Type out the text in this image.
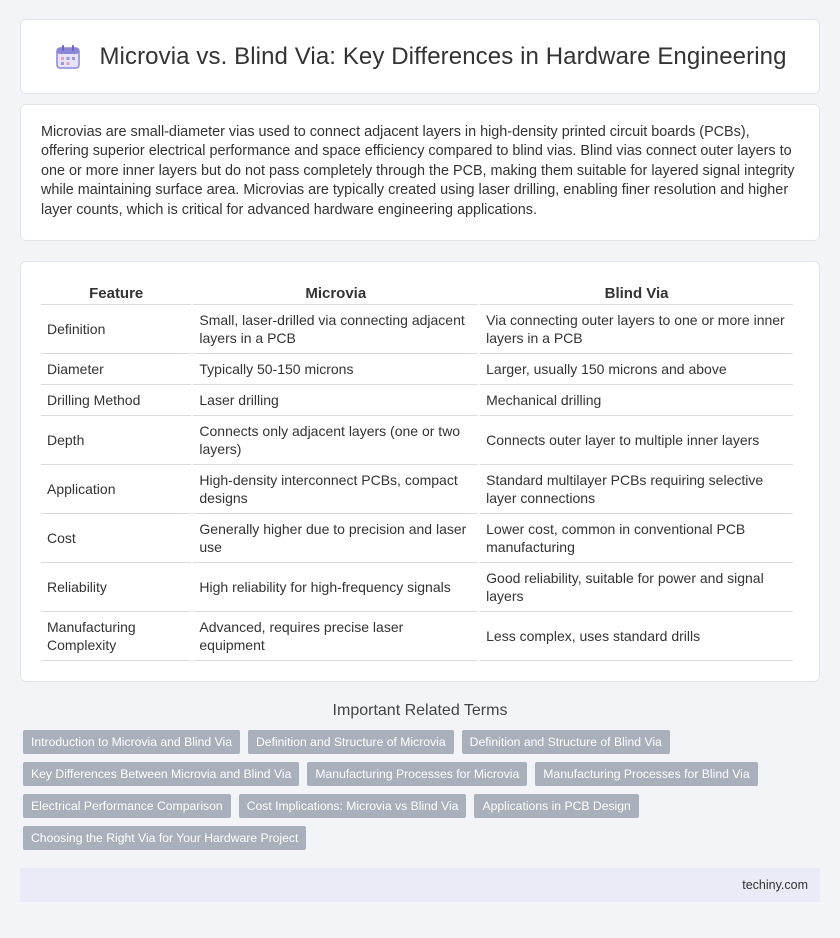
Microvia vs. Blind Via: Key Differences in Hardware Engineering

Microvias are small-diameter vias used to connect adjacent layers in high-density printed circuit boards (PCBs), offering superior electrical performance and space efficiency compared to blind vias. Blind vias connect outer layers to one or more inner layers but do not pass completely through the PCB, making them suitable for layered signal integrity while maintaining surface area. Microvias are typically created using laser drilling, enabling finer resolution and higher layer counts, which is critical for advanced hardware engineering applications.

Feature	Microvia	Blind Via
Definition	Small, laser-drilled via connecting adjacent layers in a PCB	Via connecting outer layers to one or more inner layers in a PCB
Diameter	Typically 50-150 microns	Larger, usually 150 microns and above
Drilling Method	Laser drilling	Mechanical drilling
Depth	Connects only adjacent layers (one or two layers)	Connects outer layer to multiple inner layers
Application	High-density interconnect PCBs, compact designs	Standard multilayer PCBs requiring selective layer connections
Cost	Generally higher due to precision and laser use	Lower cost, common in conventional PCB manufacturing
Reliability	High reliability for high-frequency signals	Good reliability, suitable for power and signal layers
Manufacturing Complexity	Advanced, requires precise laser equipment	Less complex, uses standard drills
Important Related Terms
Introduction to Microvia and Blind Via	Definition and Structure of Microvia	Definition and Structure of Blind Via
Key Differences Between Microvia and Blind Via	Manufacturing Processes for Microvia	Manufacturing Processes for Blind Via
Electrical Performance Comparison	Cost Implications: Microvia vs Blind Via	Applications in PCB Design
Choosing the Right Via for Your Hardware Project
techiny.com
